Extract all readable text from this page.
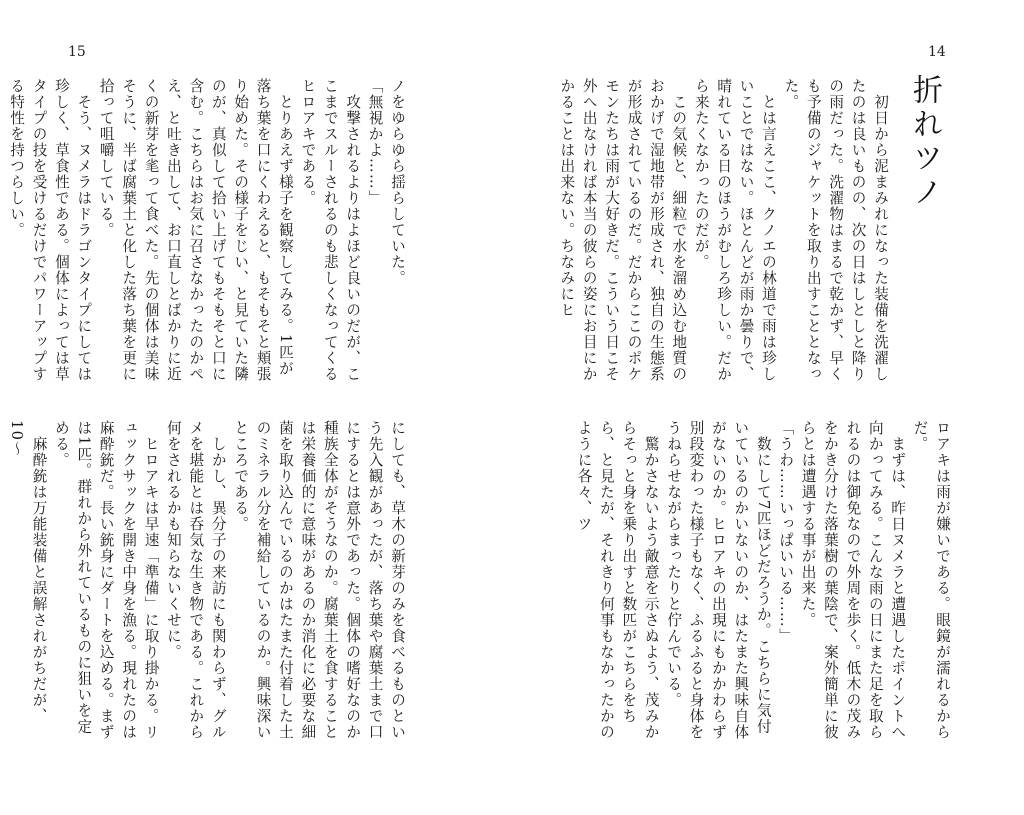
15

ノをゆらゆら揺らしていた。

「無視かよ……」

　攻撃されるよりはよほど良いのだが、ここまでスルーされるのも悲しくなってくるヒロアキである。

　とりあえず様子を観察してみる。1匹が落ち葉を口にくわえると、もそもそと頬張り始めた。その様子をじい、と見ていた隣のが、真似して拾い上げてもそもそと口に含む。こちらはお気に召さなかったのかぺえ、と吐き出して、お口直しとばかりに近くの新芽を毟って食べた。先の個体は美味そうに、半ば腐葉土と化した落ち葉を更に拾って咀嚼している。

　そう、ヌメラはドラゴンタイプにしては珍しく、草食性である。個体によっては草タイプの技を受けるだけでパワーアップする特性を持つらしい。

にしても、草木の新芽のみを食べるものという先入観があったが、落ち葉や腐葉土まで口にするとは意外であった。個体の嗜好なのか種族全体がそうなのか。腐葉土を食することは栄養価的に意味があるのか消化に必要な細菌を取り込んでいるのかはたまた付着した土のミネラル分を補給しているのか。興味深いところである。

　しかし、異分子の来訪にも関わらず、グルメを堪能とは呑気な生き物である。これから何をされるかも知らないくせに。

　ヒロアキは早速「準備」に取り掛かる。リュックサックを開き中身を漁る。現れたのは麻酔銃だ。長い銃身にダートを込める。まずは1匹。群れから外れているものに狙いを定める。

　麻酔銃は万能装備と誤解されがちだが、10〜

14
折れツノ

　初日から泥まみれになった装備を洗濯したのは良いものの、次の日はしとしと降りの雨だった。洗濯物はまるで乾かず、早くも予備のジャケットを取り出すこととなった。

　とは言えここ、クノエの林道で雨は珍しいことではない。ほとんどが雨か曇りで、晴れている日のほうがむしろ珍しい。だから来たくなかったのだが。

　この気候と、細粒で水を溜め込む地質のおかげで湿地帯が形成され、独自の生態系が形成されているのだ。だからここのポケモンたちは雨が大好きだ。こういう日こそ外へ出なければ本当の彼らの姿にお目にかかることは出来ない。ちなみにヒ

ロアキは雨が嫌いである。眼鏡が濡れるからだ。

　まずは、昨日ヌメラと遭遇したポイントへ向かってみる。こんな雨の日にまた足を取られるのは御免なので外周を歩く。低木の茂みをかき分けた落葉樹の葉陰で、案外簡単に彼らとは遭遇する事が出来た。

「うわ……いっぱいいる……」

　数にして7匹ほどだろうか。こちらに気付いているのかいないのか、はたまた興味自体がないのか。ヒロアキの出現にもかかわらず別段変わった様子もなく、ふるふると身体をうねらせながらまったりと佇んでいる。

　驚かさないよう敵意を示さぬよう、茂みからそっと身を乗り出すと数匹がこちらをちら、と見たが、それきり何事もなかったかのように各々、ツ
